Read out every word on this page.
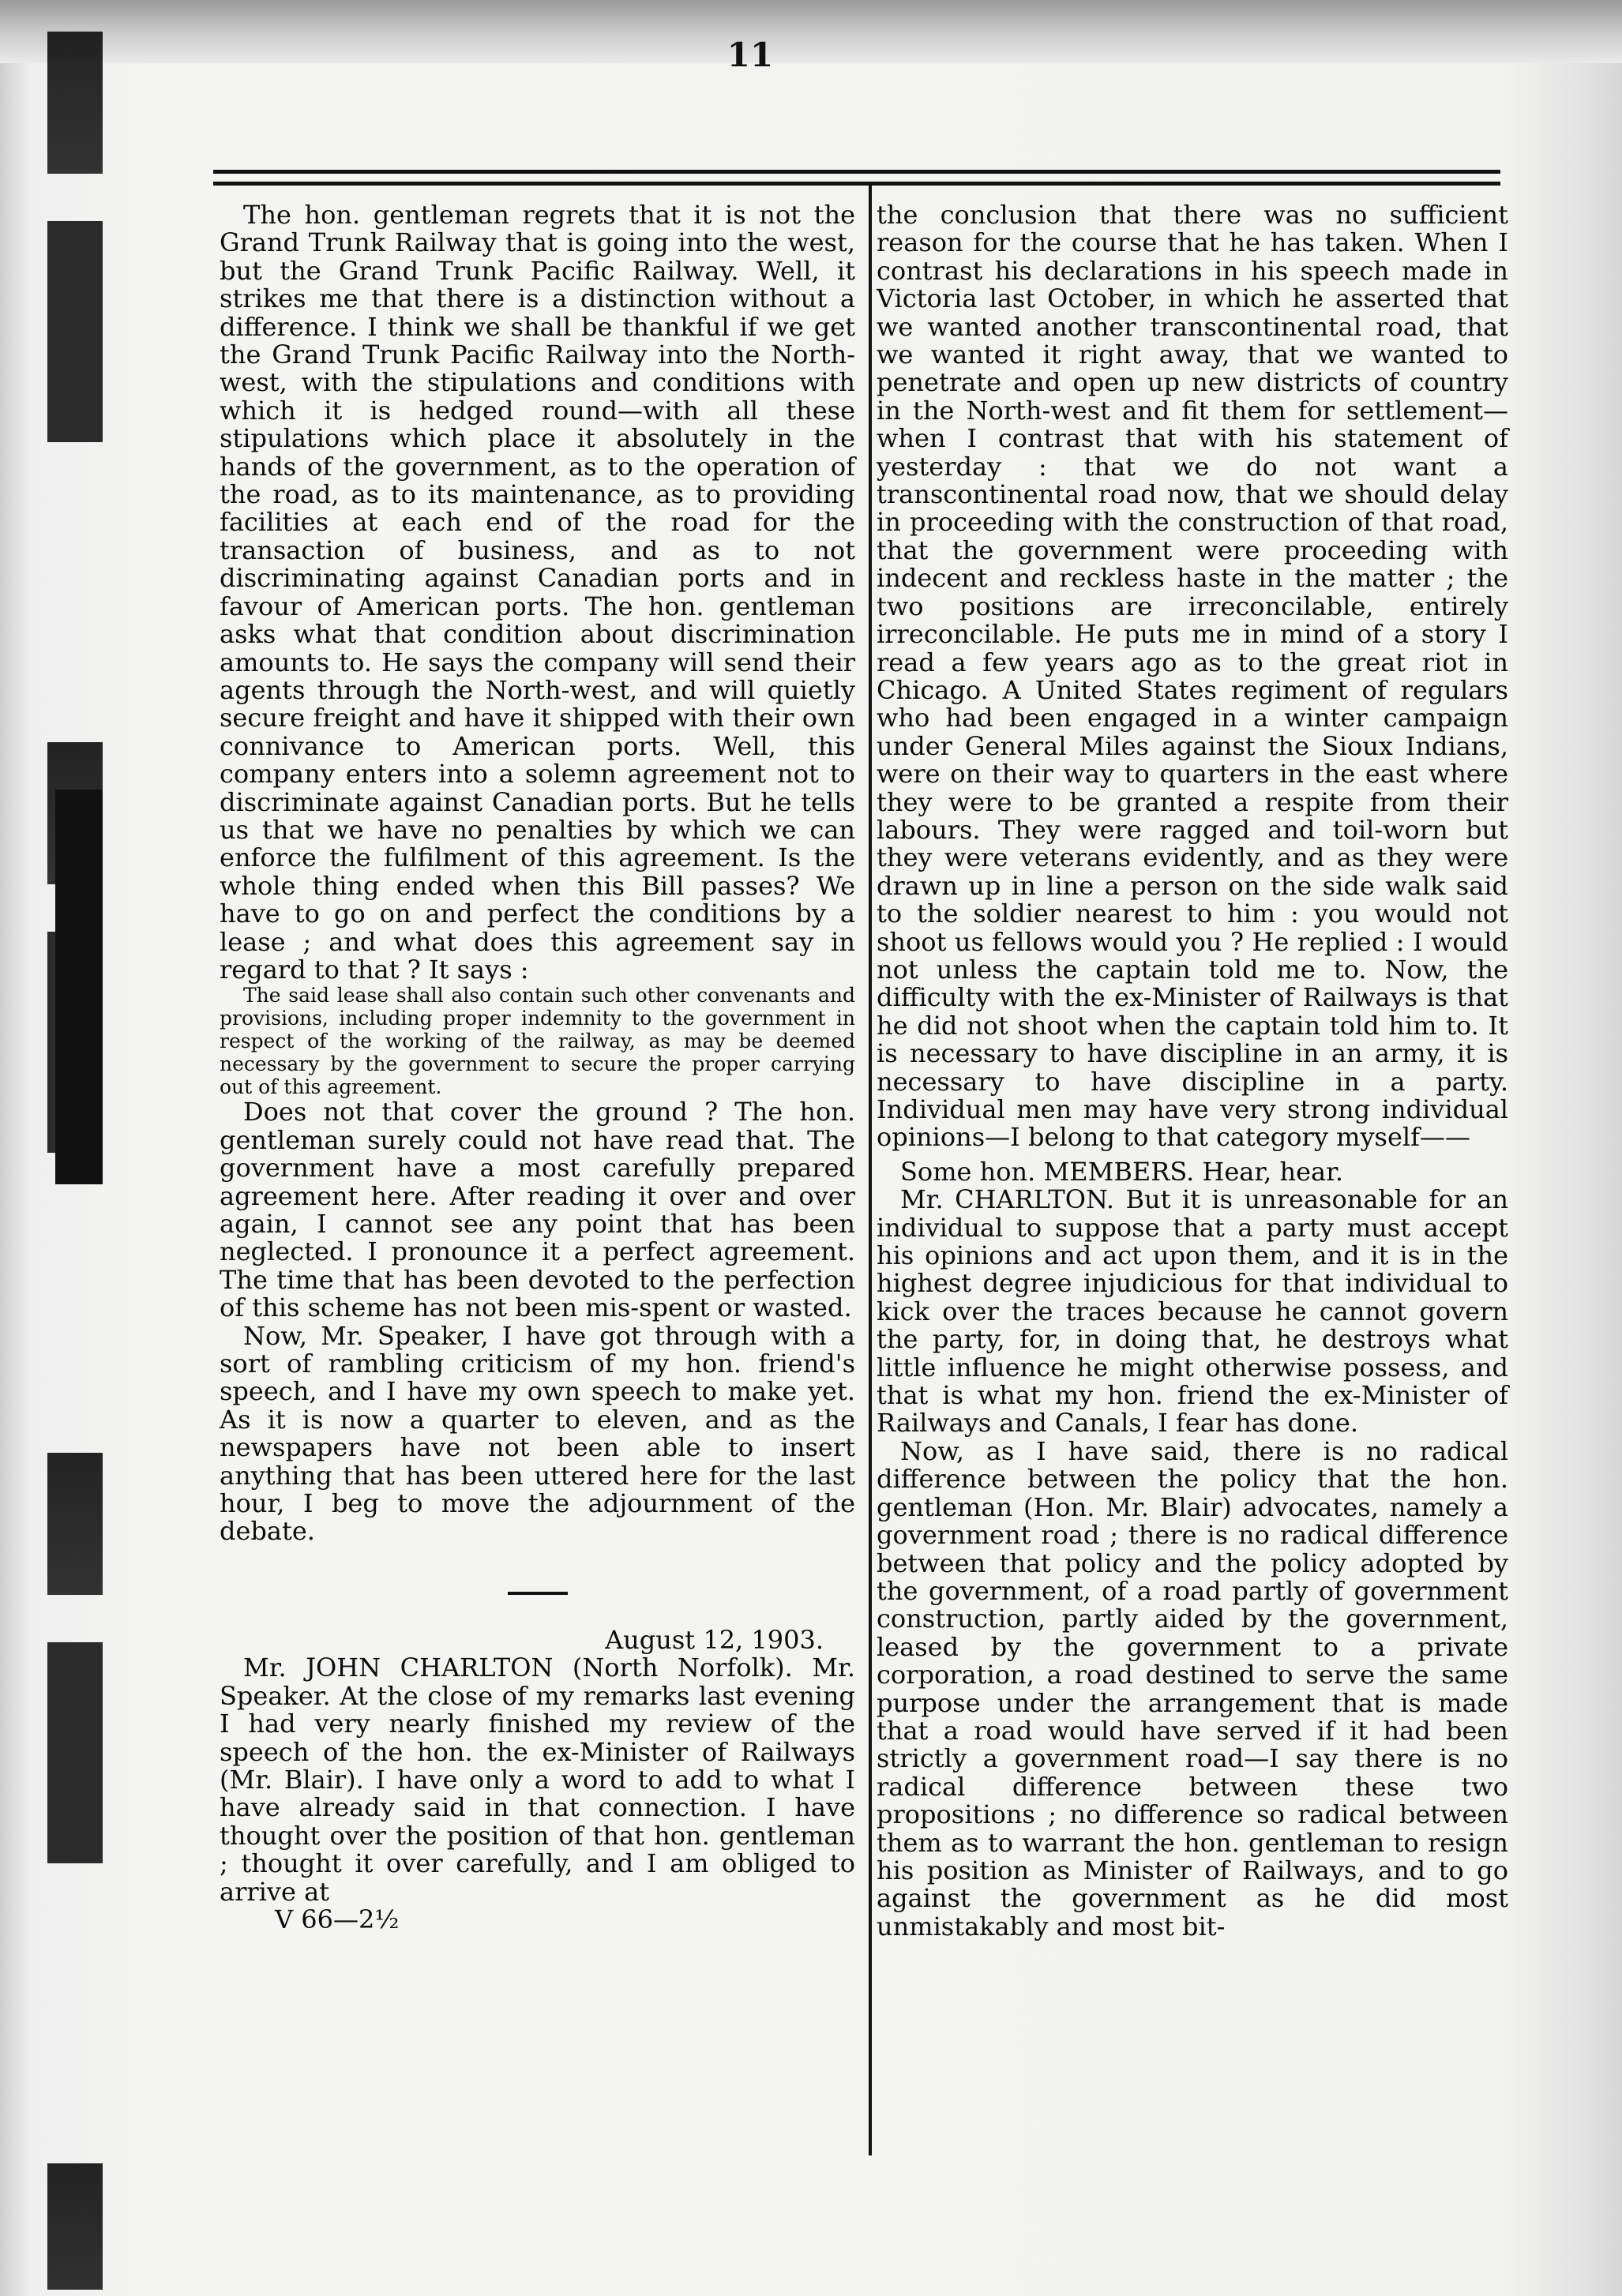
11

The hon. gentleman regrets that it is not the Grand Trunk Railway that is going into the west, but the Grand Trunk Pacific Railway. Well, it strikes me that there is a distinction without a difference. I think we shall be thankful if we get the Grand Trunk Pacific Railway into the North-west, with the stipulations and conditions with which it is hedged round—with all these stipulations which place it absolutely in the hands of the government, as to the operation of the road, as to its maintenance, as to providing facilities at each end of the road for the transaction of business, and as to not discriminating against Canadian ports and in favour of American ports. The hon. gentleman asks what that condition about discrimination amounts to. He says the company will send their agents through the North-west, and will quietly secure freight and have it shipped with their own connivance to American ports. Well, this company enters into a solemn agreement not to discriminate against Canadian ports. But he tells us that we have no penalties by which we can enforce the fulfilment of this agreement. Is the whole thing ended when this Bill passes? We have to go on and perfect the conditions by a lease ; and what does this agreement say in regard to that ? It says :

The said lease shall also contain such other convenants and provisions, including proper indemnity to the government in respect of the working of the railway, as may be deemed necessary by the government to secure the proper carrying out of this agreement.

Does not that cover the ground ? The hon. gentleman surely could not have read that. The government have a most carefully prepared agreement here. After reading it over and over again, I cannot see any point that has been neglected. I pronounce it a perfect agreement. The time that has been devoted to the perfection of this scheme has not been mis-spent or wasted.

Now, Mr. Speaker, I have got through with a sort of rambling criticism of my hon. friend's speech, and I have my own speech to make yet. As it is now a quarter to eleven, and as the newspapers have not been able to insert anything that has been uttered here for the last hour, I beg to move the adjournment of the debate.

August 12, 1903.

Mr. JOHN CHARLTON (North Norfolk). Mr. Speaker. At the close of my remarks last evening I had very nearly finished my review of the speech of the hon. the ex-Minister of Railways (Mr. Blair). I have only a word to add to what I have already said in that connection. I have thought over the position of that hon. gentleman ; thought it over carefully, and I am obliged to arrive at

V 66—2½

the conclusion that there was no sufficient reason for the course that he has taken. When I contrast his declarations in his speech made in Victoria last October, in which he asserted that we wanted another transcontinental road, that we wanted it right away, that we wanted to penetrate and open up new districts of country in the North-west and fit them for settlement—when I contrast that with his statement of yesterday : that we do not want a transcontinental road now, that we should delay in proceeding with the construction of that road, that the government were proceeding with indecent and reckless haste in the matter ; the two positions are irreconcilable, entirely irreconcilable. He puts me in mind of a story I read a few years ago as to the great riot in Chicago. A United States regiment of regulars who had been engaged in a winter campaign under General Miles against the Sioux Indians, were on their way to quarters in the east where they were to be granted a respite from their labours. They were ragged and toil-worn but they were veterans evidently, and as they were drawn up in line a person on the side walk said to the soldier nearest to him : you would not shoot us fellows would you ? He replied : I would not unless the captain told me to. Now, the difficulty with the ex-Minister of Railways is that he did not shoot when the captain told him to. It is necessary to have discipline in an army, it is necessary to have discipline in a party. Individual men may have very strong individual opinions—I belong to that category myself——

Some hon. MEMBERS. Hear, hear.

Mr. CHARLTON. But it is unreasonable for an individual to suppose that a party must accept his opinions and act upon them, and it is in the highest degree injudicious for that individual to kick over the traces because he cannot govern the party, for, in doing that, he destroys what little influence he might otherwise possess, and that is what my hon. friend the ex-Minister of Railways and Canals, I fear has done.

Now, as I have said, there is no radical difference between the policy that the hon. gentleman (Hon. Mr. Blair) advocates, namely a government road ; there is no radical difference between that policy and the policy adopted by the government, of a road partly of government construction, partly aided by the government, leased by the government to a private corporation, a road destined to serve the same purpose under the arrangement that is made that a road would have served if it had been strictly a government road—I say there is no radical difference between these two propositions ; no difference so radical between them as to warrant the hon. gentleman to resign his position as Minister of Railways, and to go against the government as he did most unmistakably and most bit-
